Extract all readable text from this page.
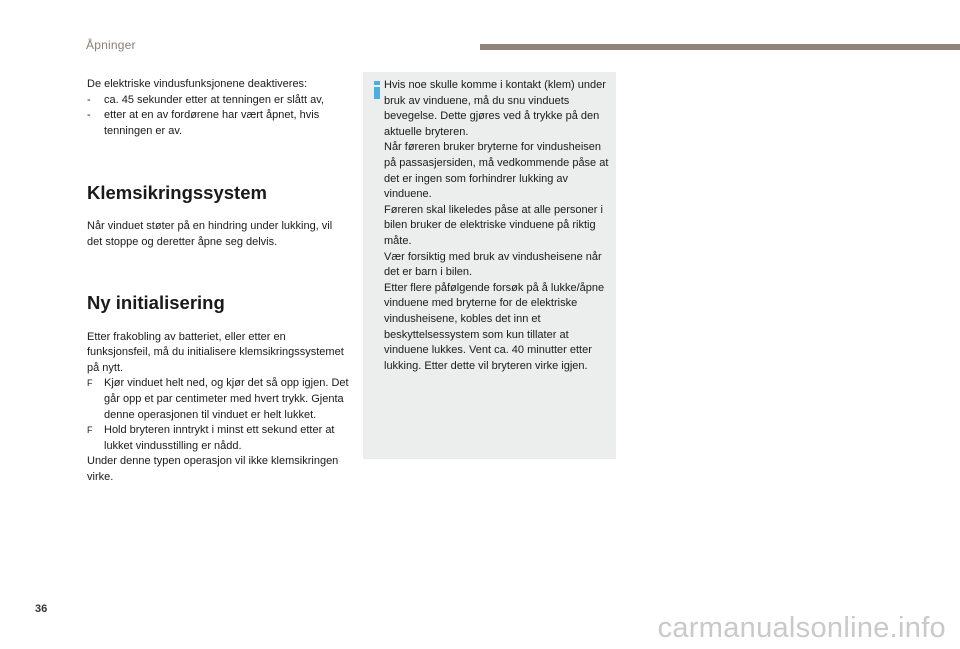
Åpninger

De elektriske vindusfunksjonene deaktiveres:

- ca. 45 sekunder etter at tenningen er slått av,
- etter at en av fordørene har vært åpnet, hvis tenningen er av.
Klemsikringssystem

Når vinduet støter på en hindring under lukking, vil det stoppe og deretter åpne seg delvis.

Ny initialisering

Etter frakobling av batteriet, eller etter en funksjonsfeil, må du initialisere klemsikringssystemet på nytt.

F Kjør vinduet helt ned, og kjør det så opp igjen. Det går opp et par centimeter med hvert trykk. Gjenta denne operasjonen til vinduet er helt lukket.
F Hold bryteren inntrykt i minst ett sekund etter at lukket vindusstilling er nådd.

Under denne typen operasjon vil ikke klemsikringen virke.

Hvis noe skulle komme i kontakt (klem) under bruk av vinduene, må du snu vinduets bevegelse. Dette gjøres ved å trykke på den aktuelle bryteren.
Når føreren bruker bryterne for vindusheisen på passasjersiden, må vedkommende påse at det er ingen som forhindrer lukking av vinduene.
Føreren skal likeledes påse at alle personer i bilen bruker de elektriske vinduene på riktig måte.
Vær forsiktig med bruk av vindusheisene når det er barn i bilen.
Etter flere påfølgende forsøk på å lukke/åpne vinduene med bryterne for de elektriske vindusheisene, kobles det inn et beskyttelsessystem som kun tillater at vinduene lukkes. Vent ca. 40 minutter etter lukking. Etter dette vil bryteren virke igjen.
36
carmanualsonline.info
